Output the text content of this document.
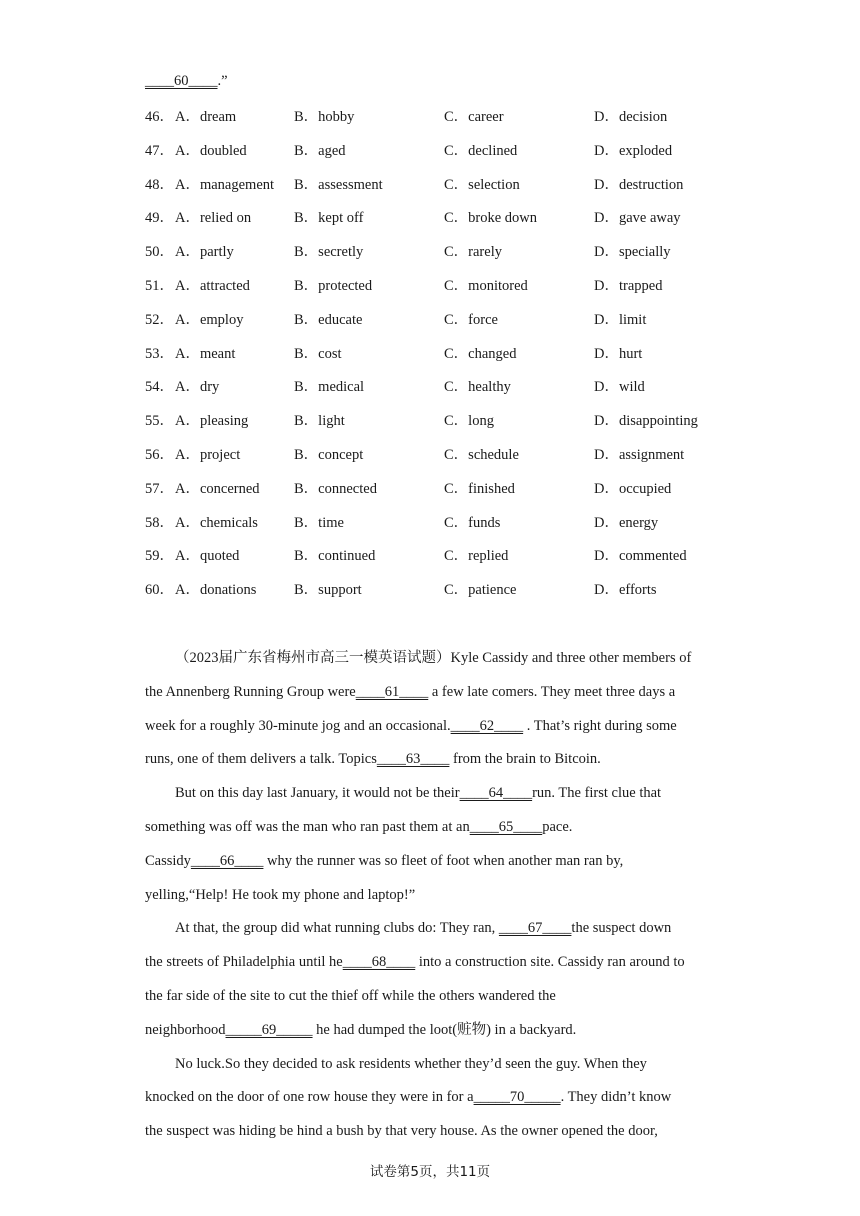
____60____.”
46． A．dream	B．hobby	C．career	D．decision
47． A．doubled	B．aged	C．declined	D．exploded
48． A．management B．assessment	C．selection	D．destruction
49． A．relied on	B．kept off	C．broke down	D．gave away
50． A．partly	B．secretly	C．rarely	D．specially
51． A．attracted	B．protected	C．monitored	D．trapped
52． A．employ	B．educate	C．force	D．limit
53． A．meant	B．cost	C．changed	D．hurt
54． A．dry	B．medical	C．healthy	D．wild
55． A．pleasing	B．light	C．long	D．disappointing
56． A．project	B．concept	C．schedule	D．assignment
57． A．concerned B．connected	C．finished	D．occupied
58． A．chemicals B．time	C．funds	D．energy
59． A．quoted	B．continued	C．replied	D．commented
60． A．donations	B．support	C．patience	D．efforts
（2023届广东省梅州市高三一模英语试题）Kyle Cassidy and three other members of
the Annenberg Running Group were____61____ a few late comers. They meet three days a
week for a roughly 30-minute jog and an occasional.____62____ . That’s right during some
runs, one of them delivers a talk. Topics____63____ from the brain to Bitcoin.
But on this day last January, it would not be their____64____run. The first clue that
something was off was the man who ran past them at an____65____pace.
Cassidy____66____ why the runner was so fleet of foot when another man ran by,
yelling,“Help! He took my phone and laptop!”
At that, the group did what running clubs do: They ran, ____67____the suspect down
the streets of Philadelphia until he____68____ into a construction site. Cassidy ran around to
the far side of the site to cut the thief off while the others wandered the
neighborhood_____69_____ he had dumped the loot(赃物) in a backyard.
No luck.So they decided to ask residents whether they’d seen the guy. When they
knocked on the door of one row house they were in for a_____70_____. They didn’t know
the suspect was hiding be hind a bush by that very house. As the owner opened the door,
试卷第5页，共11页
